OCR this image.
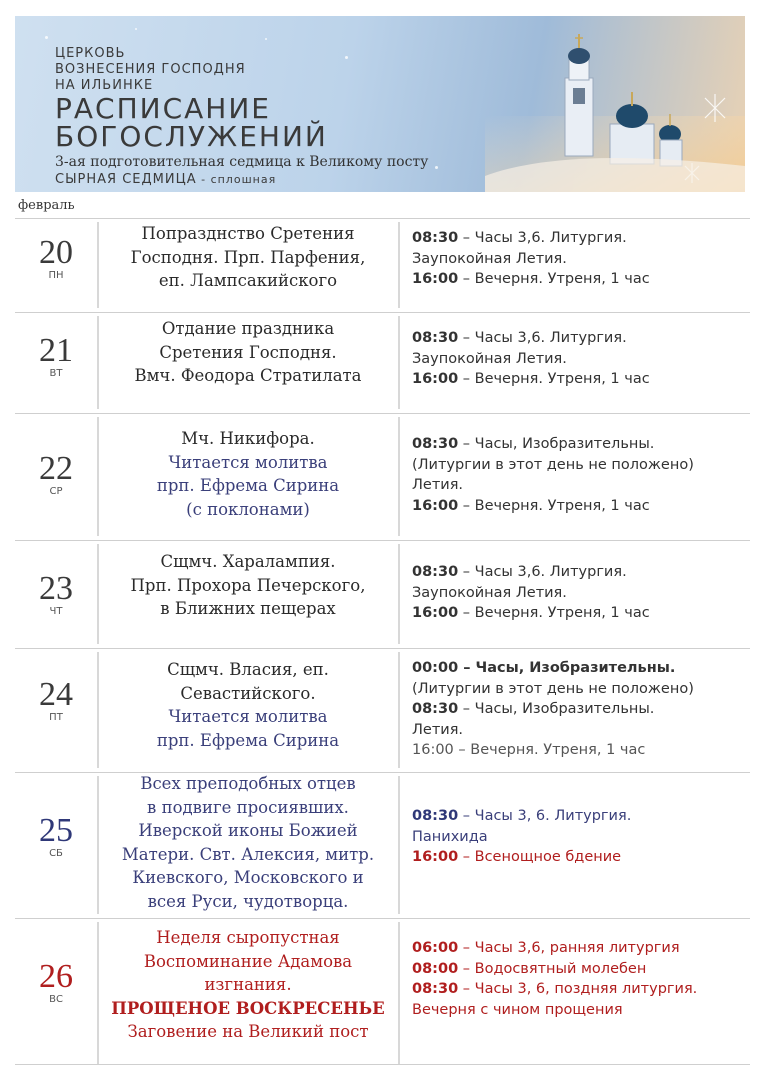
ЦЕРКОВЬ
ВОЗНЕСЕНИЯ ГОСПОДНЯ
НА ИЛЬИНКЕ
РАСПИСАНИЕ
БОГОСЛУЖЕНИЙ
3-ая подготовительная седмица к Великому посту
СЫРНАЯ СЕДМИЦА - сплошная
февраль
20
ПН
Попразднство Сретения
Господня. Прп. Парфения,
еп. Лампсакийского
08:30 – Часы 3,6. Литургия.
Заупокойная Летия.
16:00 – Вечерня. Утреня, 1 час
21
ВТ
Отдание праздника
Сретения Господня.
Вмч. Феодора Стратилата
08:30 – Часы 3,6. Литургия.
Заупокойная Летия.
16:00 – Вечерня. Утреня, 1 час
22
СР
Мч. Никифора.
Читается молитва
прп. Ефрема Сирина
(с поклонами)
08:30 – Часы, Изобразительны.
(Литургии в этот день не положено)
Летия.
16:00 – Вечерня. Утреня, 1 час
23
ЧТ
Сщмч. Харалампия.
Прп. Прохора Печерского,
в Ближних пещерах
08:30 – Часы 3,6. Литургия.
Заупокойная Летия.
16:00 – Вечерня. Утреня, 1 час
24
ПТ
Сщмч. Власия, еп.
Севастийского.
Читается молитва
прп. Ефрема Сирина
00:00 – Часы, Изобразительны.
(Литургии в этот день не положено)
08:30 – Часы, Изобразительны.
Летия.
16:00 – Вечерня. Утреня, 1 час
25
СБ
Всех преподобных отцев
в подвиге просиявших.
Иверской иконы Божией
Матери. Свт. Алексия, митр.
Киевского, Московского и
всея Руси, чудотворца.
08:30 – Часы 3, 6. Литургия.
Панихида
16:00 – Всенощное бдение
26
ВС
Неделя сыропустная
Воспоминание Адамова
изгнания.
ПРОЩЕНОЕ ВОСКРЕСЕНЬЕ
Заговение на Великий пост
06:00 – Часы 3,6, ранняя литургия
08:00 – Водосвятный молебен
08:30 – Часы 3, 6, поздняя литургия.
Вечерня с чином прощения
